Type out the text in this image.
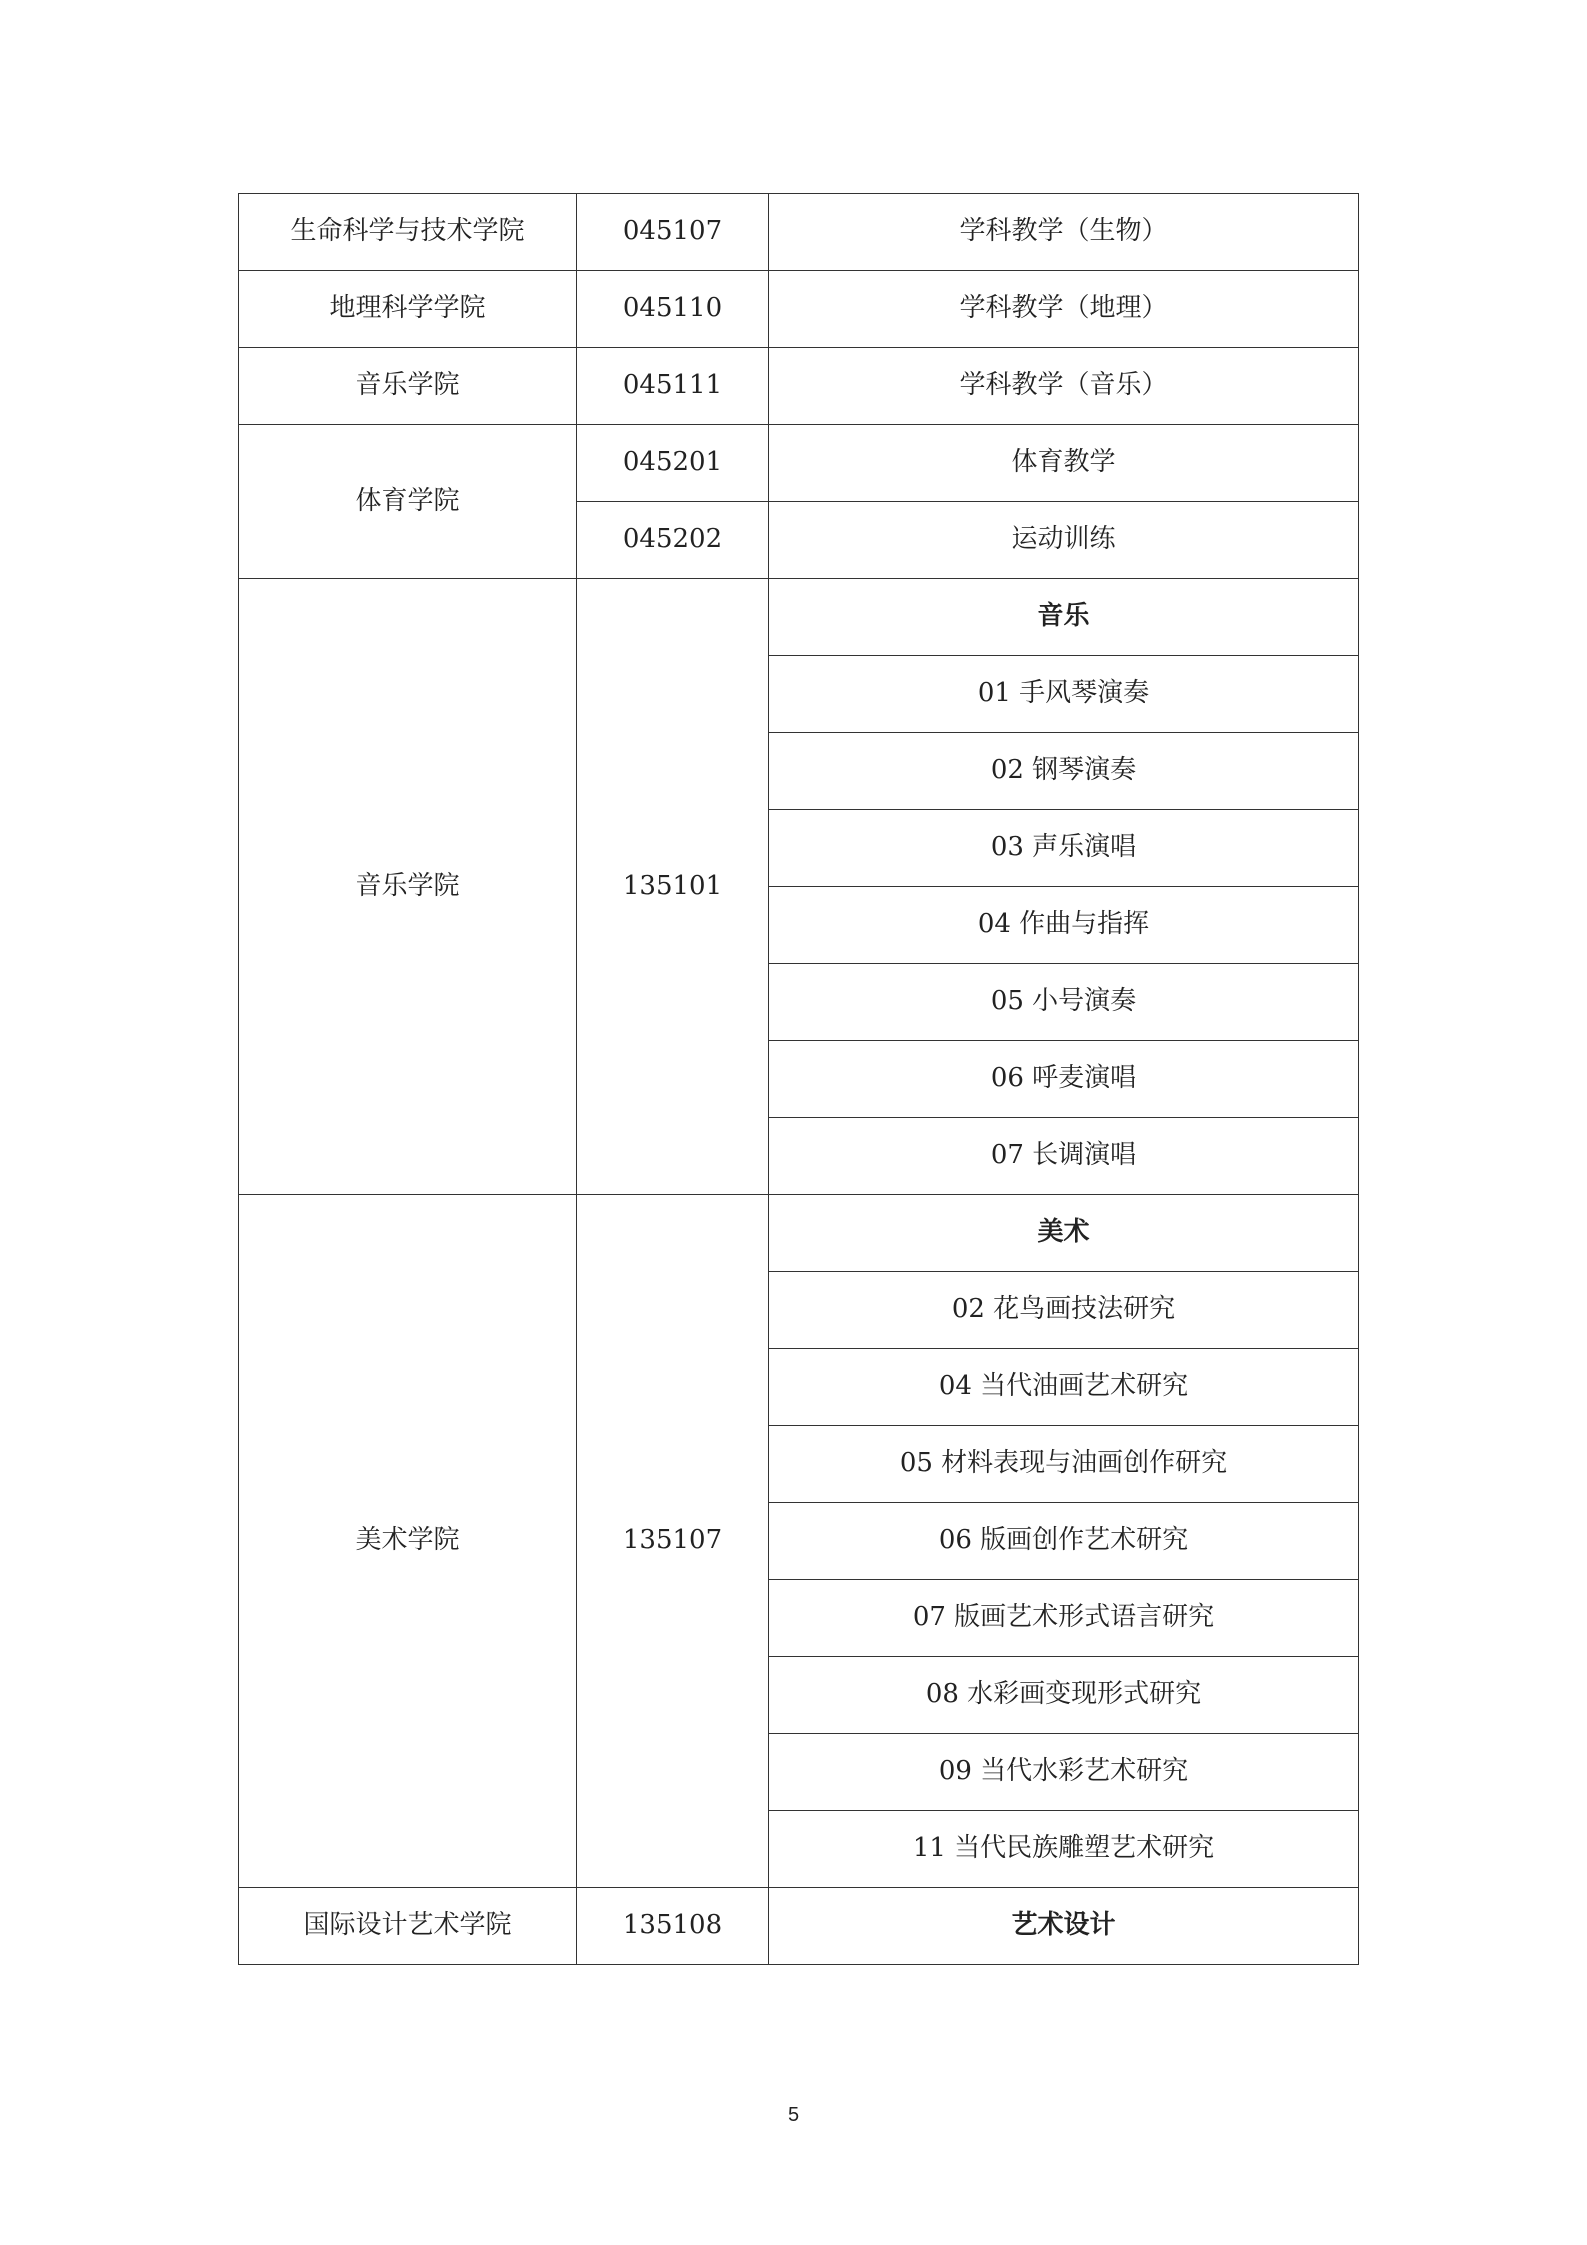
生命科学与技术学院	045107	学科教学（生物）
地理科学学院	045110	学科教学（地理）
音乐学院	045111	学科教学（音乐）
体育学院	045201	体育教学
	045202	运动训练
音乐学院	135101	音乐
		01 手风琴演奏
		02 钢琴演奏
		03 声乐演唱
		04 作曲与指挥
		05 小号演奏
		06 呼麦演唱
		07 长调演唱
美术学院	135107	美术
		02 花鸟画技法研究
		04 当代油画艺术研究
		05 材料表现与油画创作研究
		06 版画创作艺术研究
		07 版画艺术形式语言研究
		08 水彩画变现形式研究
		09 当代水彩艺术研究
		11 当代民族雕塑艺术研究
国际设计艺术学院	135108	艺术设计
5
